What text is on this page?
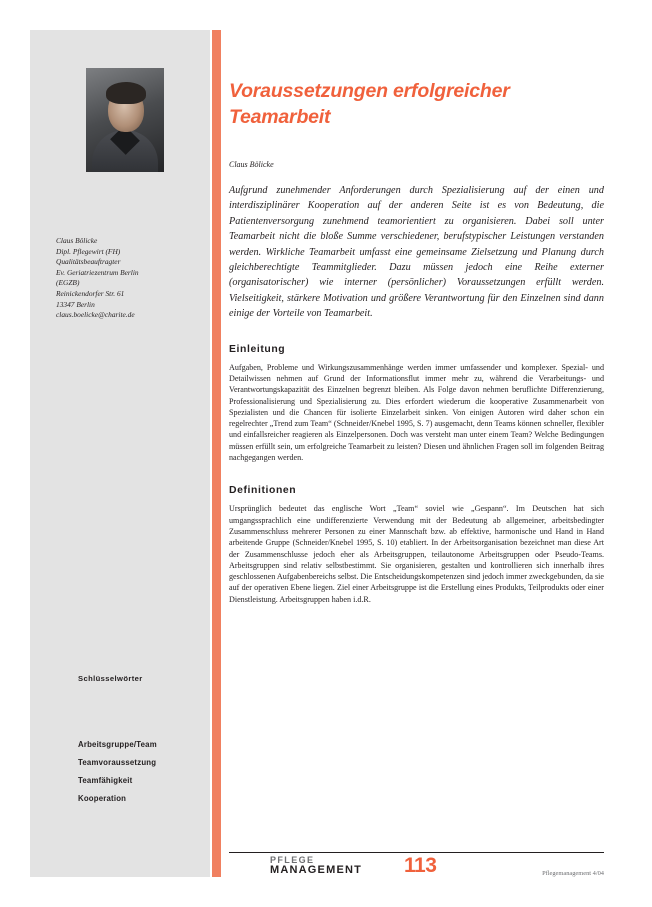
Claus Bölicke
Dipl. Pflegewirt (FH)
Qualitätsbeauftragter
Ev. Geriatriezentrum Berlin
(EGZB)
Reinickendorfer Str. 61
13347 Berlin
claus.boelicke@charite.de
Schlüsselwörter
Arbeitsgruppe/Team
Teamvoraussetzung
Teamfähigkeit
Kooperation
Voraussetzungen erfolgreicher Teamarbeit
Claus Bölicke
Aufgrund zunehmender Anforderungen durch Spezialisierung auf der einen und interdisziplinärer Kooperation auf der anderen Seite ist es von Bedeutung, die Patientenversorgung zunehmend teamorientiert zu organisieren. Dabei soll unter Teamarbeit nicht die bloße Summe verschiedener, berufstypischer Leistungen verstanden werden. Wirkliche Teamarbeit umfasst eine gemeinsame Zielsetzung und Planung durch gleichberechtigte Teammitglieder. Dazu müssen jedoch eine Reihe externer (organisatorischer) wie interner (persönlicher) Voraussetzungen erfüllt werden. Vielseitigkeit, stärkere Motivation und größere Verantwortung für den Einzelnen sind dann einige der Vorteile von Teamarbeit.
Einleitung
Aufgaben, Probleme und Wirkungszusammenhänge werden immer umfassender und komplexer. Spezial- und Detailwissen nehmen auf Grund der Informationsflut immer mehr zu, während die Verarbeitungs- und Verantwortungskapazität des Einzelnen begrenzt bleiben. Als Folge davon nehmen beruflichte Differenzierung, Professionalisierung und Spezialisierung zu. Dies erfordert wiederum die kooperative Zusammenarbeit von Spezialisten und die Chancen für isolierte Einzelarbeit sinken. Von einigen Autoren wird daher schon ein regelrechter „Trend zum Team“ (Schneider/Knebel 1995, S. 7) ausgemacht, denn Teams können schneller, flexibler und einfallsreicher reagieren als Einzelpersonen. Doch was versteht man unter einem Team? Welche Bedingungen müssen erfüllt sein, um erfolgreiche Teamarbeit zu leisten? Diesen und ähnlichen Fragen soll im folgenden Beitrag nachgegangen werden.
Definitionen
Ursprünglich bedeutet das englische Wort „Team“ soviel wie „Gespann“. Im Deutschen hat sich umgangssprachlich eine undifferenzierte Verwendung mit der Bedeutung ab allgemeiner, arbeitsbedingter Zusammenschluss mehrerer Personen zu einer Mannschaft bzw. ab effektive, harmonische und Hand in Hand arbeitende Gruppe (Schneider/Knebel 1995, S. 10) etabliert. In der Arbeitsorganisation bezeichnet man diese Art der Zusammenschlusse jedoch eher als Arbeitsgruppen, teilautonome Arbeitsgruppen oder Pseudo-Teams. Arbeitsgruppen sind relativ selbstbestimmt. Sie organisieren, gestalten und kontrollieren sich innerhalb ihres geschlossenen Aufgabenbereichs selbst. Die Entscheidungskompetenzen sind jedoch immer zweckgebunden, da sie auf der operativen Ebene liegen. Ziel einer Arbeitsgruppe ist die Erstellung eines Produkts, Teilprodukts oder einer Dienstleistung. Arbeitsgruppen haben i.d.R.
PFLEGE
MANAGEMENT 113	Pflegemanagement 4/04
